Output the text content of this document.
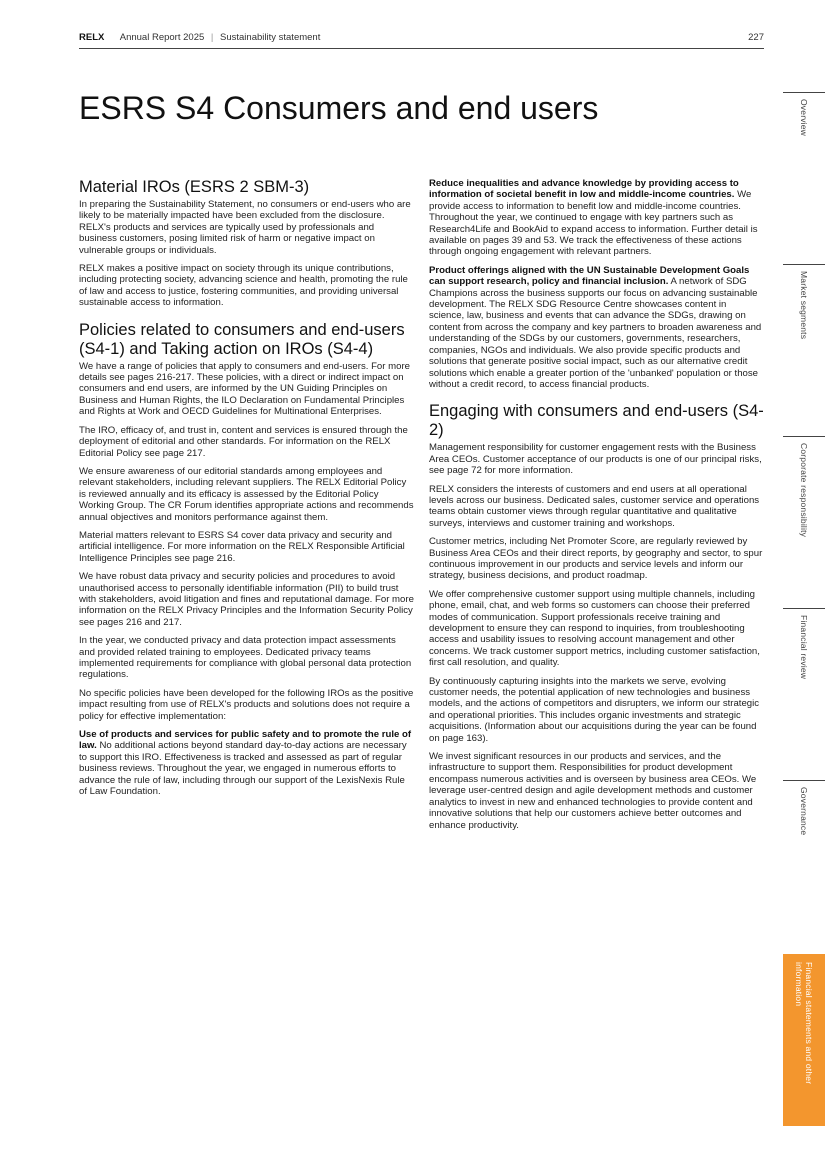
RELX Annual Report 2025 | Sustainability statement	227
ESRS S4 Consumers and end users
Material IROs (ESRS 2 SBM-3)

In preparing the Sustainability Statement, no consumers or end-users who are likely to be materially impacted have been excluded from the disclosure. RELX's products and services are typically used by professionals and business customers, posing limited risk of harm or negative impact on vulnerable groups or individuals.

RELX makes a positive impact on society through its unique contributions, including protecting society, advancing science and health, promoting the rule of law and access to justice, fostering communities, and providing universal sustainable access to information.

Policies related to consumers and end-users (S4-1) and Taking action on IROs (S4-4)

We have a range of policies that apply to consumers and end-users. For more details see pages 216-217. These policies, with a direct or indirect impact on consumers and end users, are informed by the UN Guiding Principles on Business and Human Rights, the ILO Declaration on Fundamental Principles and Rights at Work and OECD Guidelines for Multinational Enterprises.

The IRO, efficacy of, and trust in, content and services is ensured through the deployment of editorial and other standards. For information on the RELX Editorial Policy see page 217.

We ensure awareness of our editorial standards among employees and relevant stakeholders, including relevant suppliers. The RELX Editorial Policy is reviewed annually and its efficacy is assessed by the Editorial Policy Working Group. The CR Forum identifies appropriate actions and recommends annual objectives and monitors performance against them.

Material matters relevant to ESRS S4 cover data privacy and security and artificial intelligence. For more information on the RELX Responsible Artificial Intelligence Principles see page 216.

We have robust data privacy and security policies and procedures to avoid unauthorised access to personally identifiable information (PII) to build trust with stakeholders, avoid litigation and fines and reputational damage. For more information on the RELX Privacy Principles and the Information Security Policy see pages 216 and 217.

In the year, we conducted privacy and data protection impact assessments and provided related training to employees. Dedicated privacy teams implemented requirements for compliance with global personal data protection regulations.

No specific policies have been developed for the following IROs as the positive impact resulting from use of RELX's products and solutions does not require a policy for effective implementation:

Use of products and services for public safety and to promote the rule of law. No additional actions beyond standard day-to-day actions are necessary to support this IRO. Effectiveness is tracked and assessed as part of regular business reviews. Throughout the year, we engaged in numerous efforts to advance the rule of law, including through our support of the LexisNexis Rule of Law Foundation.

Reduce inequalities and advance knowledge by providing access to information of societal benefit in low and middle-income countries. We provide access to information to benefit low and middle-income countries. Throughout the year, we continued to engage with key partners such as Research4Life and BookAid to expand access to information. Further detail is available on pages 39 and 53. We track the effectiveness of these actions through ongoing engagement with relevant partners.

Product offerings aligned with the UN Sustainable Development Goals can support research, policy and financial inclusion. A network of SDG Champions across the business supports our focus on advancing sustainable development. The RELX SDG Resource Centre showcases content in science, law, business and events that can advance the SDGs, drawing on content from across the company and key partners to broaden awareness and understanding of the SDGs by our customers, governments, researchers, companies, NGOs and individuals. We also provide specific products and solutions that generate positive social impact, such as our alternative credit solutions which enable a greater portion of the 'unbanked' population or those without a credit record, to access financial products.

Engaging with consumers and end-users (S4-2)

Management responsibility for customer engagement rests with the Business Area CEOs. Customer acceptance of our products is one of our principal risks, see page 72 for more information.

RELX considers the interests of customers and end users at all operational levels across our business. Dedicated sales, customer service and operations teams obtain customer views through regular quantitative and qualitative surveys, interviews and customer training and workshops.

Customer metrics, including Net Promoter Score, are regularly reviewed by Business Area CEOs and their direct reports, by geography and sector, to spur continuous improvement in our products and service levels and inform our strategy, business decisions, and product roadmap.

We offer comprehensive customer support using multiple channels, including phone, email, chat, and web forms so customers can choose their preferred modes of communication. Support professionals receive training and development to ensure they can respond to inquiries, from troubleshooting access and usability issues to resolving account management and other concerns. We track customer support metrics, including customer satisfaction, first call resolution, and quality.

By continuously capturing insights into the markets we serve, evolving customer needs, the potential application of new technologies and business models, and the actions of competitors and disrupters, we inform our strategic and operational priorities. This includes organic investments and strategic acquisitions. (Information about our acquisitions during the year can be found on page 163).

We invest significant resources in our products and services, and the infrastructure to support them. Responsibilities for product development encompass numerous activities and is overseen by business area CEOs. We leverage user-centred design and agile development methods and customer analytics to invest in new and enhanced technologies to provide content and innovative solutions that help our customers achieve better outcomes and enhance productivity.

Overview
Market segments
Corporate responsibility
Financial review
Governance
Financial statements and other information
